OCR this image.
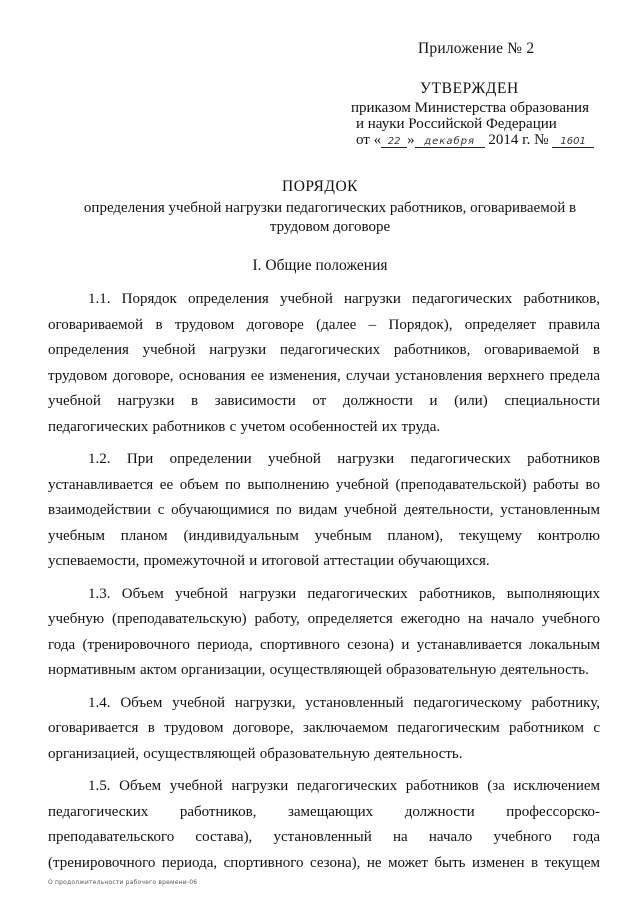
Приложение № 2
УТВЕРЖДЕН
приказом Министерства образования
и науки Российской Федерации
от « 22 » декабря 2014 г. № 1601
ПОРЯДОК
определения учебной нагрузки педагогических работников, оговариваемой в трудовом договоре
I. Общие положения

1.1. Порядок определения учебной нагрузки педагогических работников, оговариваемой в трудовом договоре (далее – Порядок), определяет правила определения учебной нагрузки педагогических работников, оговариваемой в трудовом договоре, основания ее изменения, случаи установления верхнего предела учебной нагрузки в зависимости от должности и (или) специальности педагогических работников с учетом особенностей их труда.

1.2. При определении учебной нагрузки педагогических работников устанавливается ее объем по выполнению учебной (преподавательской) работы во взаимодействии с обучающимися по видам учебной деятельности, установленным учебным планом (индивидуальным учебным планом), текущему контролю успеваемости, промежуточной и итоговой аттестации обучающихся.

1.3. Объем учебной нагрузки педагогических работников, выполняющих учебную (преподавательскую) работу, определяется ежегодно на начало учебного года (тренировочного периода, спортивного сезона) и устанавливается локальным нормативным актом организации, осуществляющей образовательную деятельность.

1.4. Объем учебной нагрузки, установленный педагогическому работнику, оговаривается в трудовом договоре, заключаемом педагогическим работником с организацией, осуществляющей образовательную деятельность.

1.5. Объем учебной нагрузки педагогических работников (за исключением педагогических работников, замещающих должности профессорско-преподавательского состава), установленный на начало учебного года (тренировочного периода, спортивного сезона), не может быть изменен в текущем

О продолжительности рабочего времени-06
